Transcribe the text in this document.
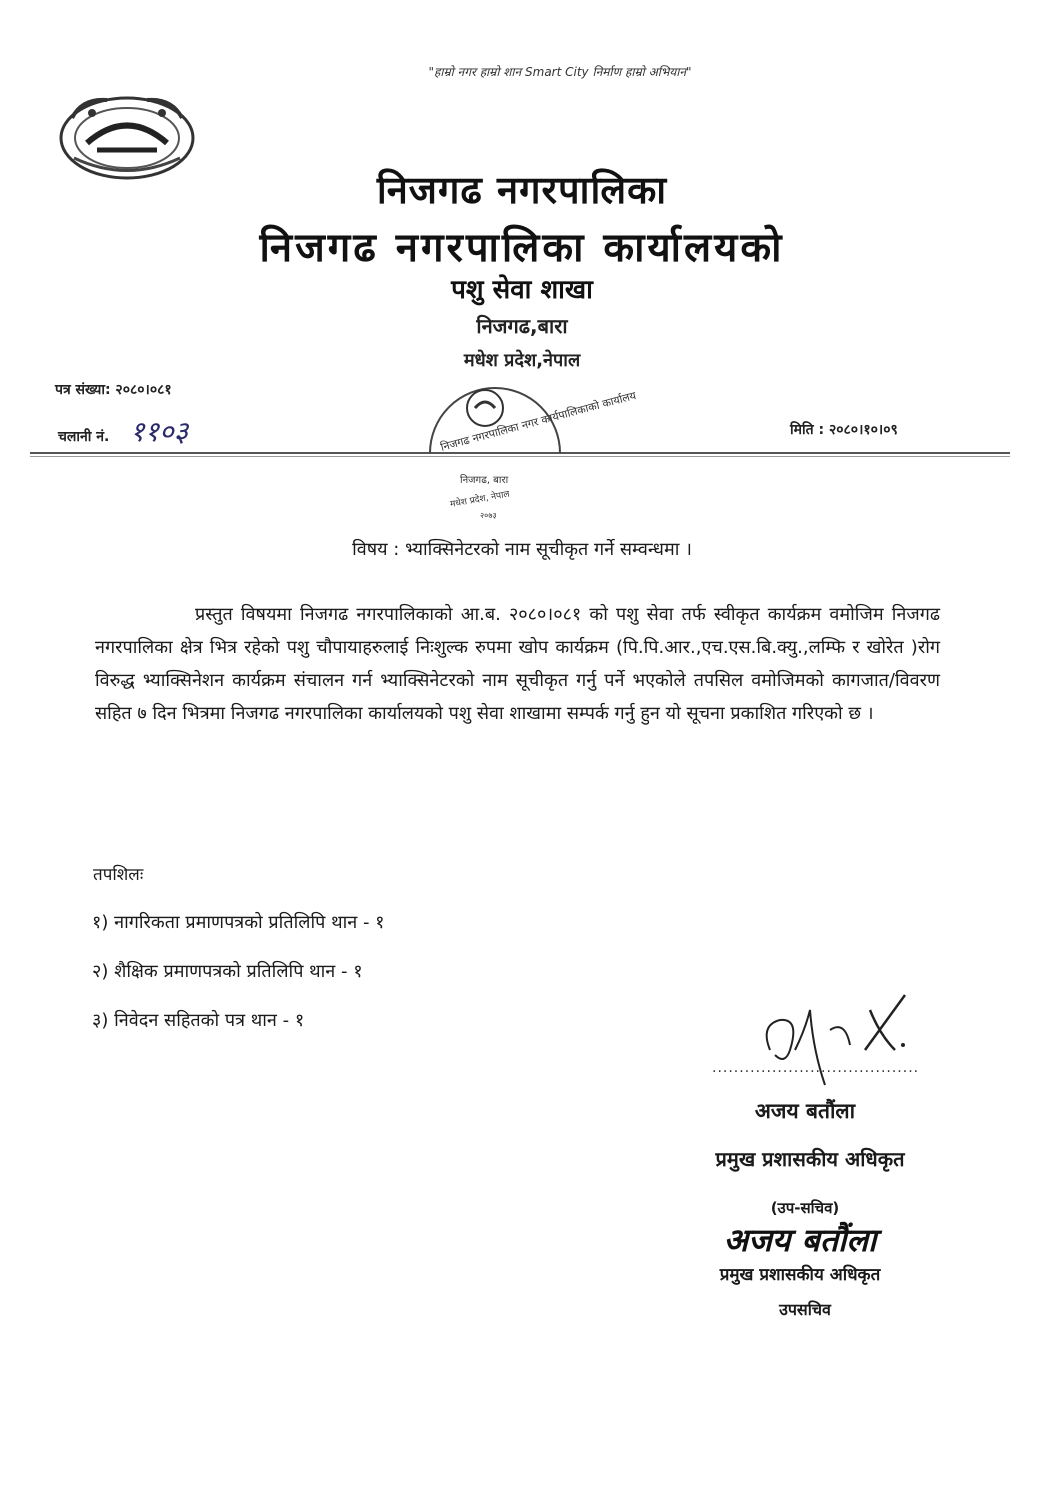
"हाम्रो नगर हाम्रो शान Smart City निर्माण हाम्रो अभियान"
निजगढ नगरपालिका
निजगढ नगरपालिका कार्यालयको
पशु सेवा शाखा
निजगढ,बारा
मधेश प्रदेश,नेपाल
पत्र संख्या: २०८०।०८१
चलानी नं. ११०३	मिति : २०८०।१०।०९
निजगढ नगरपालिका नगर कार्यपालिकाको कार्यालय
निजगढ, बारा
मधेश प्रदेश, नेपाल
२०७३
विषय : भ्याक्सिनेटरको नाम सूचीकृत गर्ने सम्वन्धमा ।
प्रस्तुत विषयमा निजगढ नगरपालिकाको आ.ब. २०८०।०८१ को पशु सेवा तर्फ स्वीकृत कार्यक्रम वमोजिम निजगढ नगरपालिका क्षेत्र भित्र रहेको पशु चौपायाहरुलाई निःशुल्क रुपमा खोप कार्यक्रम (पि.पि.आर.,एच.एस.बि.क्यु.,लम्फि र खोरेत )रोग विरुद्ध भ्याक्सिनेशन कार्यक्रम संचालन गर्न भ्याक्सिनेटरको नाम सूचीकृत गर्नु पर्ने भएकोले तपसिल वमोजिमको कागजात/विवरण सहित ७ दिन भित्रमा निजगढ नगरपालिका कार्यालयको पशु सेवा शाखामा सम्पर्क गर्नु हुन यो सूचना प्रकाशित गरिएको छ ।
तपशिलः
१) नागरिकता प्रमाणपत्रको प्रतिलिपि थान - १
२) शैक्षिक प्रमाणपत्रको प्रतिलिपि थान - १
३) निवेदन सहितको पत्र थान - १
......................................
अजय बतौंला
प्रमुख प्रशासकीय अधिकृत
(उप-सचिव)
अजय बतौंला
प्रमुख प्रशासकीय अधिकृत
उपसचिव
